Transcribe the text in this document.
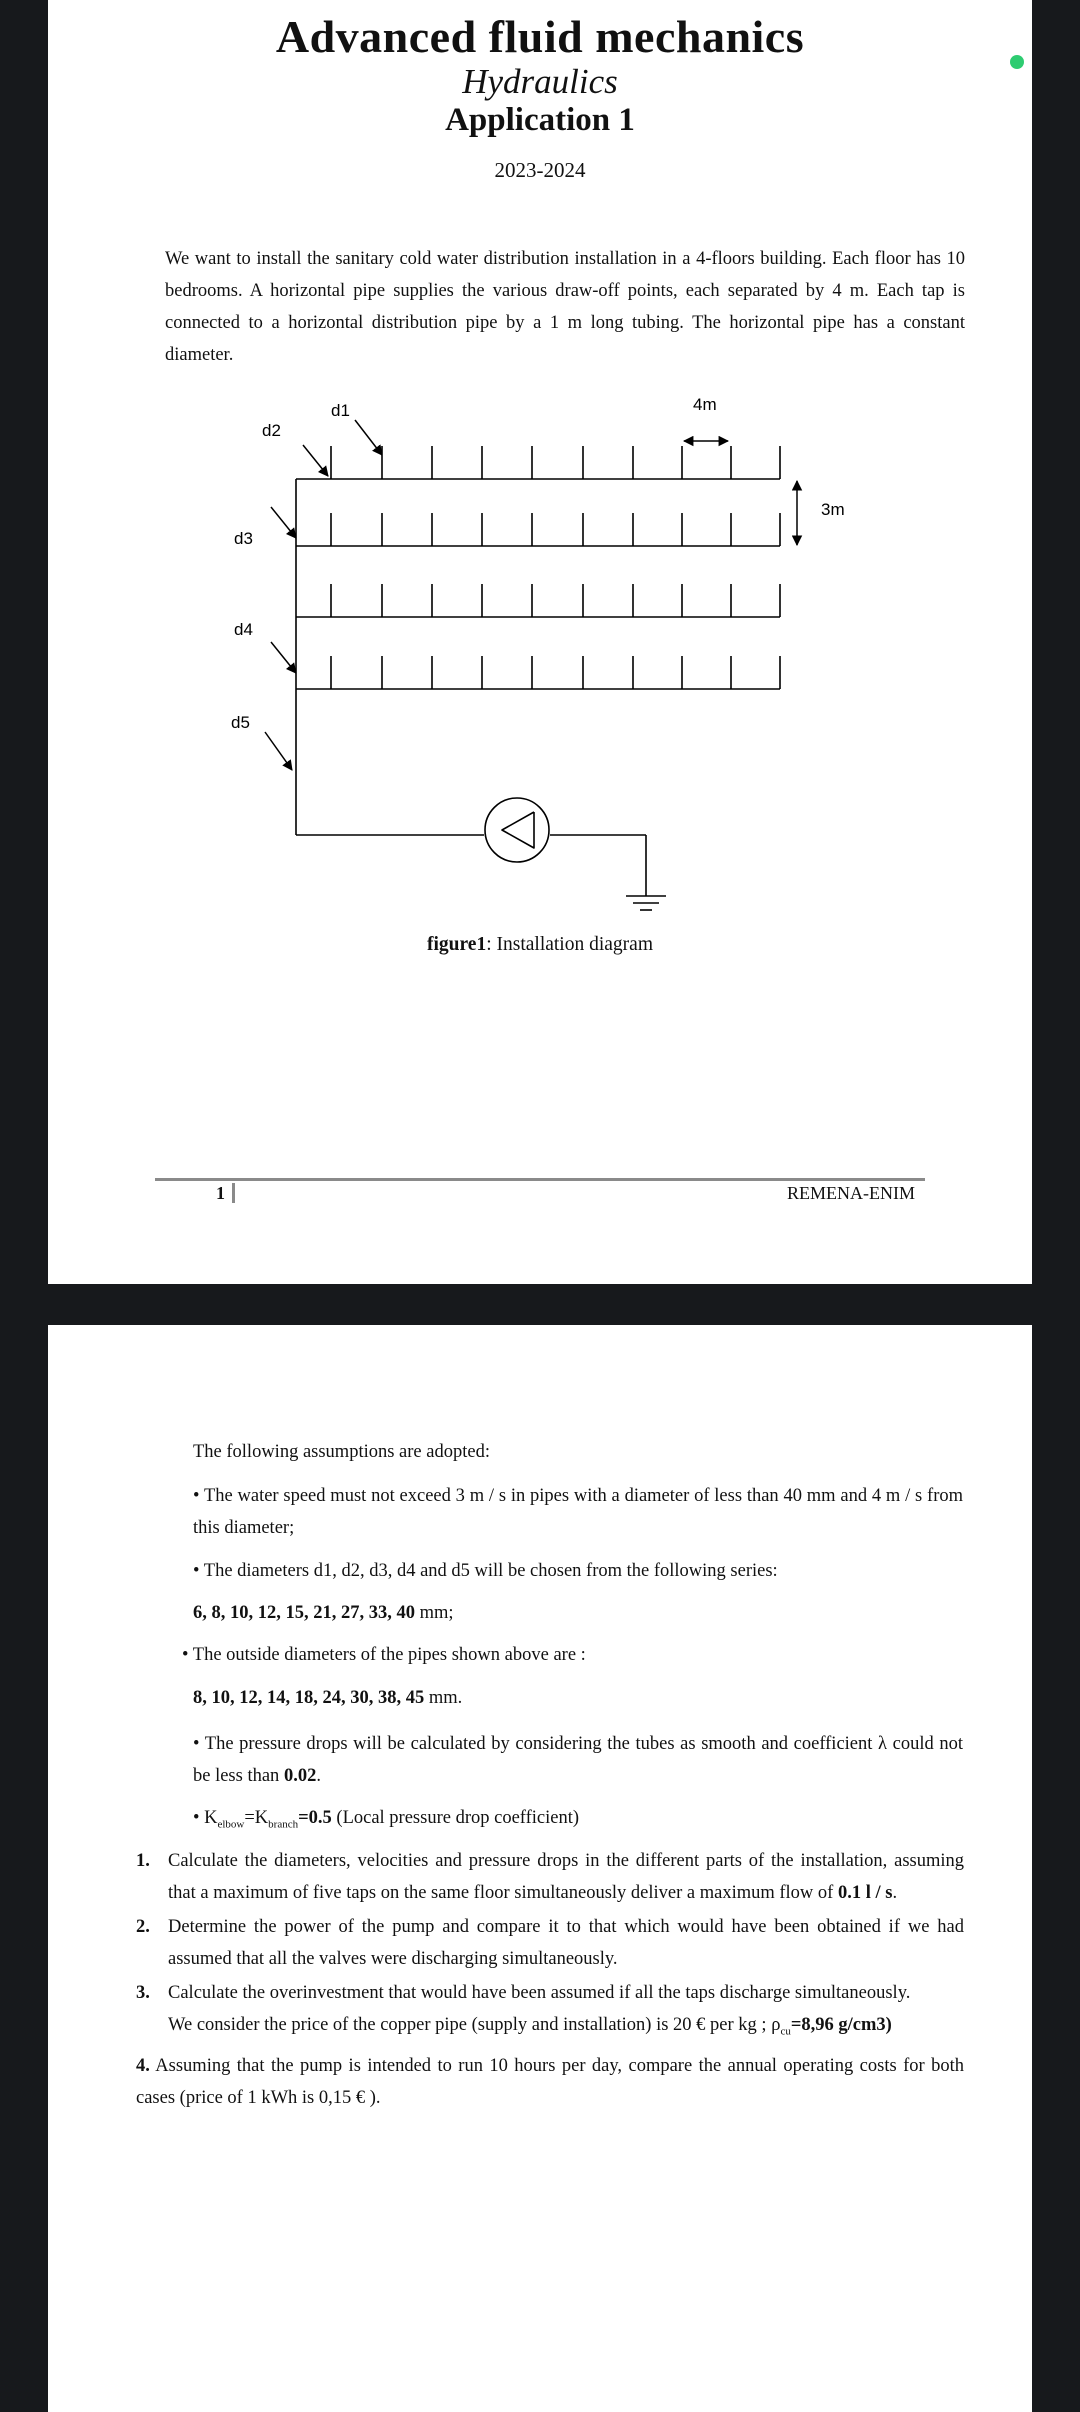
Advanced fluid mechanics
Hydraulics
Application 1
2023-2024
We want to install the sanitary cold water distribution installation in a 4-floors building. Each floor has 10 bedrooms. A horizontal pipe supplies the various draw-off points, each separated by 4 m. Each tap is connected to a horizontal distribution pipe by a 1 m long tubing. The horizontal pipe has a constant diameter.
d1
d2
d3
d4
d5
4m
3m
figure1: Installation diagram
1	REMENA-ENIM
The following assumptions are adopted:
• The water speed must not exceed 3 m / s in pipes with a diameter of less than 40 mm and 4 m / s from this diameter;
• The diameters d1, d2, d3, d4 and d5 will be chosen from the following series:
6, 8, 10, 12, 15, 21, 27, 33, 40 mm;
• The outside diameters of the pipes shown above are :
8, 10, 12, 14, 18, 24, 30, 38, 45 mm.
• The pressure drops will be calculated by considering the tubes as smooth and coefficient λ could not be less than 0.02.
• $K_{elbow}=K_{branch}=0.5$ (Local pressure drop coefficient)
1. Calculate the diameters, velocities and pressure drops in the different parts of the installation, assuming that a maximum of five taps on the same floor simultaneously deliver a maximum flow of 0.1 l / s.
2. Determine the power of the pump and compare it to that which would have been obtained if we had assumed that all the valves were discharging simultaneously.
3. Calculate the overinvestment that would have been assumed if all the taps discharge simultaneously.
We consider the price of the copper pipe (supply and installation) is 20 € per kg ; $\rho_{cu}=8,96$ g/cm3)
4. Assuming that the pump is intended to run 10 hours per day, compare the annual operating costs for both cases (price of 1 kWh is 0,15 € ).
